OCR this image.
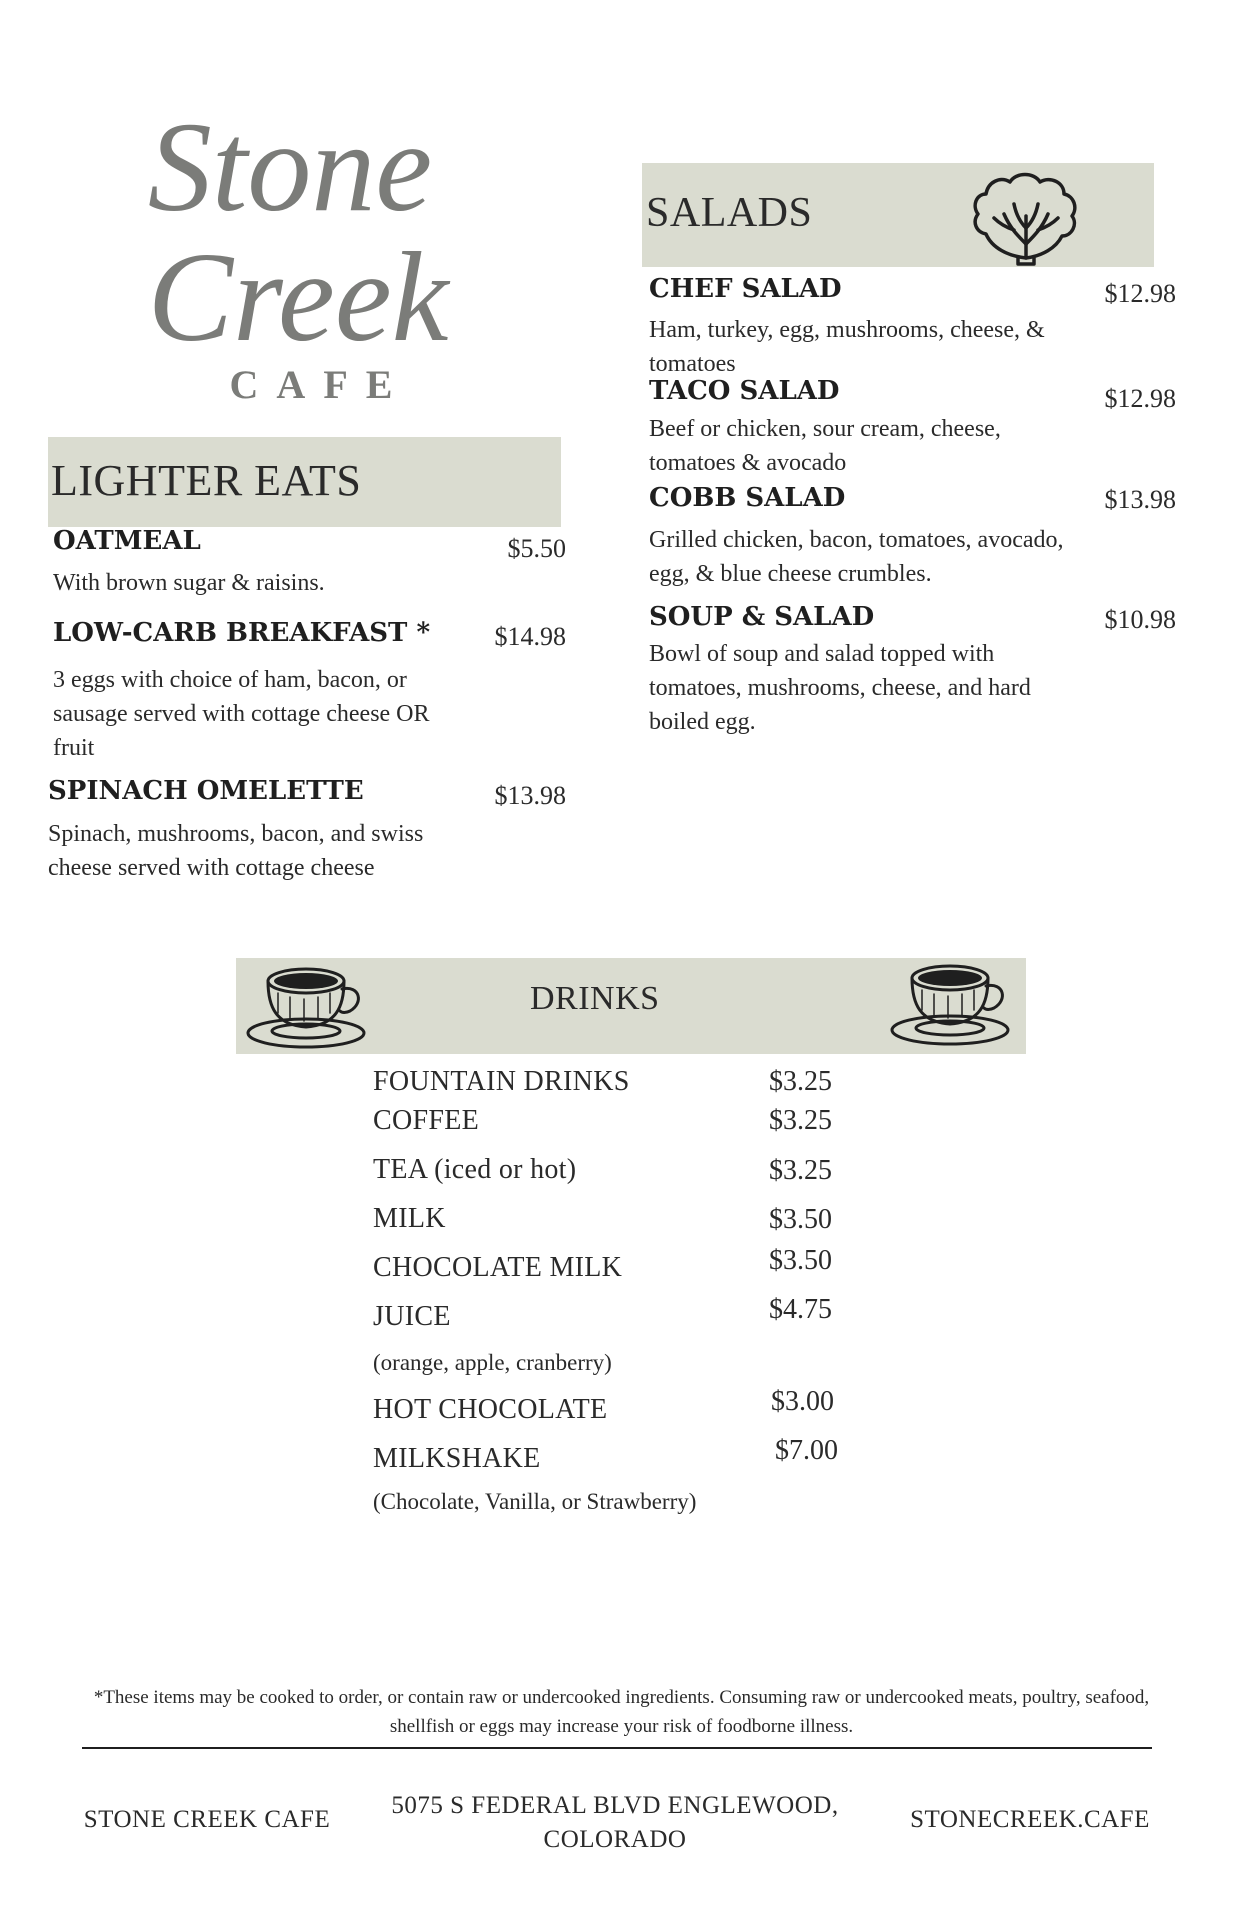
Stone
Creek
CAFE
LIGHTER EATS
OATMEAL	$5.50
With brown sugar & raisins.
LOW-CARB BREAKFAST *	$14.98
3 eggs with choice of ham, bacon, or sausage served with cottage cheese OR fruit
SPINACH OMELETTE	$13.98
Spinach, mushrooms, bacon, and swiss cheese served with cottage cheese
SALADS
CHEF SALAD	$12.98
Ham, turkey, egg, mushrooms, cheese, & tomatoes
TACO SALAD	$12.98
Beef or chicken, sour cream, cheese, tomatoes & avocado
COBB SALAD	$13.98
Grilled chicken, bacon, tomatoes, avocado, egg, & blue cheese crumbles.
SOUP & SALAD	$10.98
Bowl of soup and salad topped with tomatoes, mushrooms, cheese, and hard boiled egg.
DRINKS
FOUNTAIN DRINKS	$3.25
COFFEE	$3.25
TEA (iced or hot)	$3.25
MILK	$3.50
CHOCOLATE MILK	$3.50
JUICE	$4.75
(orange, apple, cranberry)
HOT CHOCOLATE	$3.00
MILKSHAKE	$7.00
(Chocolate, Vanilla, or Strawberry)
*These items may be cooked to order, or contain raw or undercooked ingredients. Consuming raw or undercooked meats, poultry, seafood, shellfish or eggs may increase your risk of foodborne illness.
STONE CREEK CAFE
5075 S FEDERAL BLVD ENGLEWOOD, COLORADO
STONECREEK.CAFE
